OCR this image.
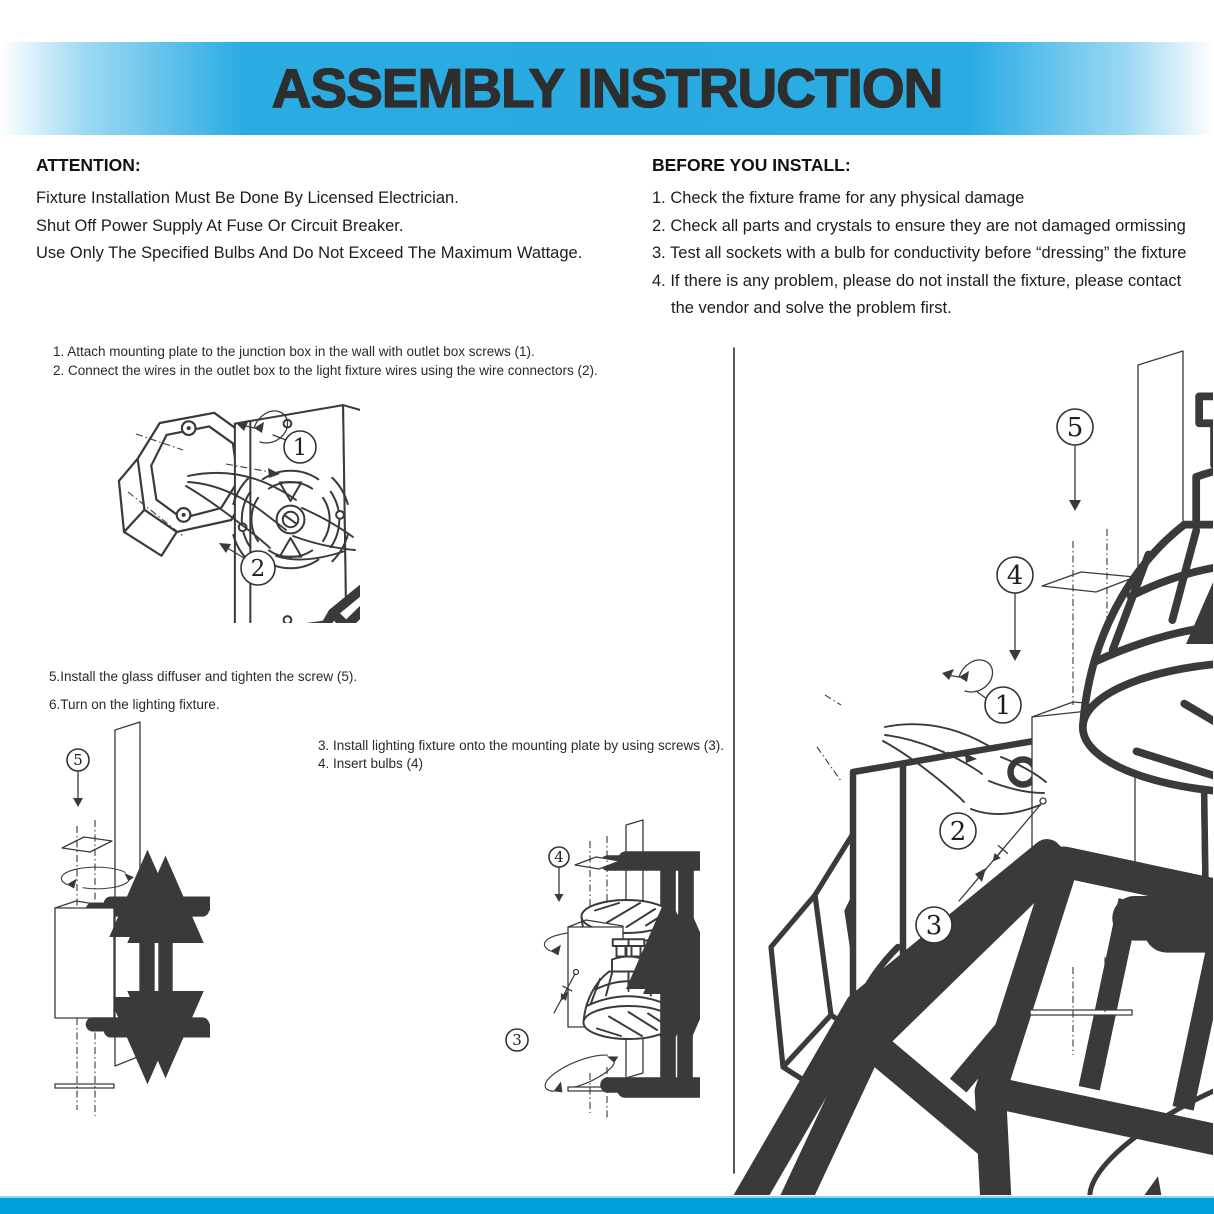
ASSEMBLY INSTRUCTION
ATTENTION:

Fixture Installation Must Be Done By Licensed Electrician.

Shut Off Power Supply At Fuse Or Circuit Breaker.

Use Only The Specified Bulbs And Do Not Exceed The Maximum Wattage.

BEFORE YOU INSTALL:

1. Check the fixture frame for any physical damage

2. Check all parts and crystals to ensure they are not damaged ormissing

3. Test all sockets with a bulb for conductivity before “dressing” the fixture

4. If there is any problem, please do not install the fixture, please contact the vendor and solve the problem first.

1. Attach mounting plate to the junction box in the wall with outlet box screws (1).

2. Connect the wires in the outlet box to the light fixture wires using the wire connectors (2).

5.Install the glass diffuser and tighten the screw (5).

6.Turn on the lighting fixture.

3. Install lighting fixture onto the mounting plate by using screws (3).

4. Insert bulbs (4)

1
2
5
4
3
5
4
1
2
3
